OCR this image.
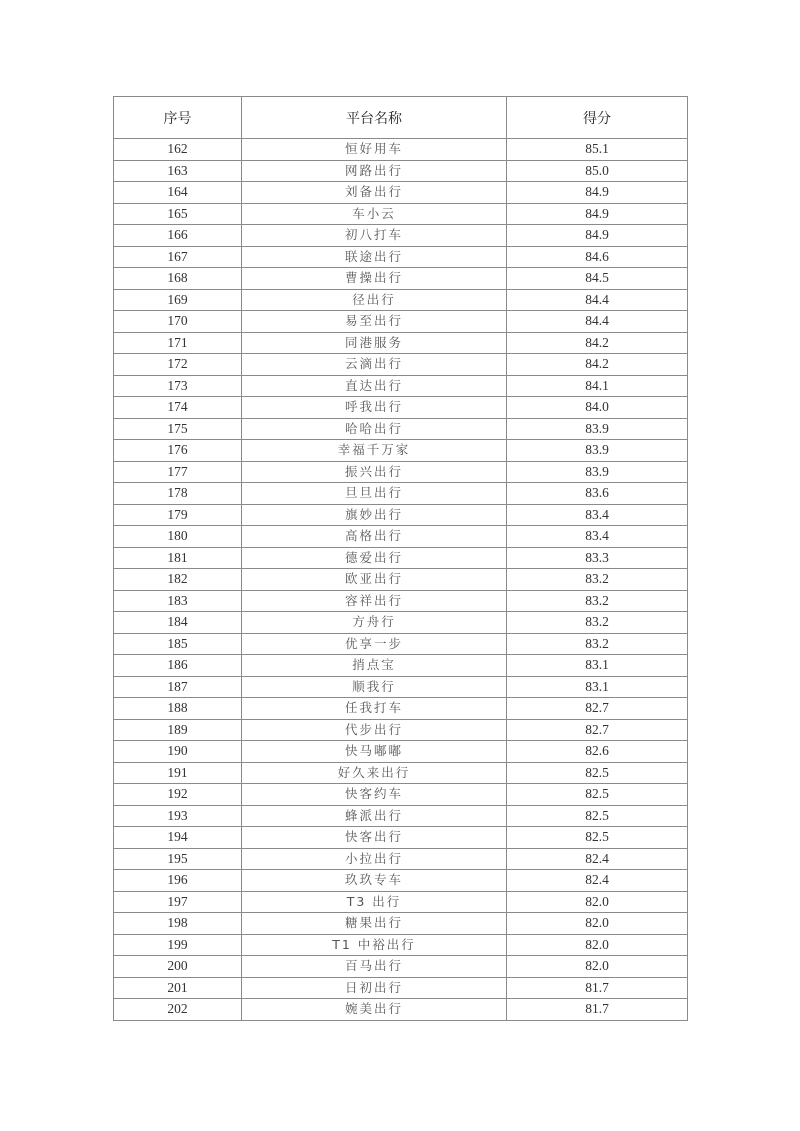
序号	平台名称	得分
162	恒好用车	85.1
163	网路出行	85.0
164	刘备出行	84.9
165	车小云	84.9
166	初八打车	84.9
167	联途出行	84.6
168	曹操出行	84.5
169	径出行	84.4
170	易至出行	84.4
171	同港服务	84.2
172	云滴出行	84.2
173	直达出行	84.1
174	呼我出行	84.0
175	哈哈出行	83.9
176	幸福千万家	83.9
177	振兴出行	83.9
178	旦旦出行	83.6
179	旗妙出行	83.4
180	高格出行	83.4
181	德爱出行	83.3
182	欧亚出行	83.2
183	容祥出行	83.2
184	方舟行	83.2
185	优享一步	83.2
186	捎点宝	83.1
187	顺我行	83.1
188	任我打车	82.7
189	代步出行	82.7
190	快马嘟嘟	82.6
191	好久来出行	82.5
192	快客约车	82.5
193	蜂派出行	82.5
194	快客出行	82.5
195	小拉出行	82.4
196	玖玖专车	82.4
197	T3 出行	82.0
198	糖果出行	82.0
199	T1 中裕出行	82.0
200	百马出行	82.0
201	日初出行	81.7
202	婉美出行	81.7
